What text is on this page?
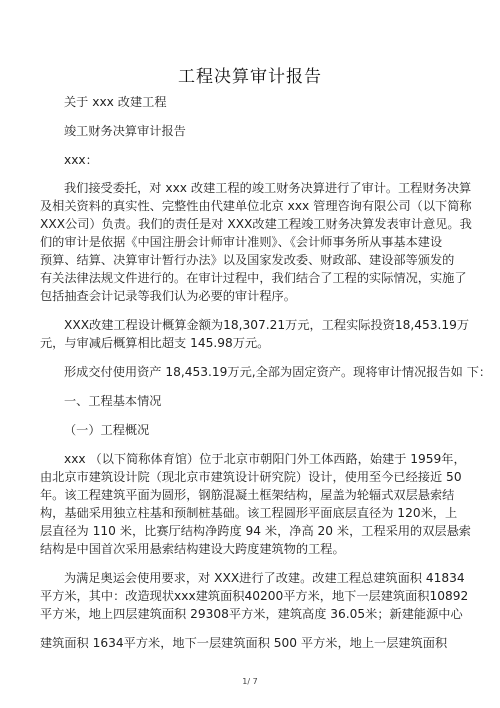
工程决算审计报告
关于 xxx 改建工程
竣工财务决算审计报告
xxx：
我们接受委托，对 xxx 改建工程的竣工财务决算进行了审计。工程财务决算
及相关资料的真实性、完整性由代建单位北京 xxx 管理咨询有限公司（以下简称
XXX公司）负责。我们的责任是对 XXX改建工程竣工财务决算发表审计意见。我
们的审计是依据《中国注册会计师审计准则》、《会计师事务所从事基本建设
预算、结算、决算审计暂行办法》以及国家发改委、财政部、建设部等颁发的
有关法律法规文件进行的。在审计过程中，我们结合了工程的实际情况，实施了
包括抽查会计记录等我们认为必要的审计程序。
XXX改建工程设计概算金额为18,307.21万元，工程实际投资18,453.19万
元，与审减后概算相比超支 145.98万元。
形成交付使用资产 18,453.19万元,全部为固定资产。现将审计情况报告如 下：
一、工程基本情况
（一）工程概况
xxx （以下简称体育馆）位于北京市朝阳门外工体西路，始建于 1959年，
由北京市建筑设计院（现北京市建筑设计研究院）设计，使用至今已经接近 50
年。该工程建筑平面为圆形，钢筋混凝土框架结构，屋盖为轮辐式双层悬索结
构，基础采用独立柱基和预制桩基础。该工程圆形平面底层直径为 120米，上
层直径为 110 米，比赛厅结构净跨度 94 米，净高 20 米，工程采用的双层悬索
结构是中国首次采用悬索结构建设大跨度建筑物的工程。
为满足奥运会使用要求，对 XXX进行了改建。改建工程总建筑面积 41834
平方米，其中：改造现状xxx建筑面积40200平方米，地下一层建筑面积10892
平方米，地上四层建筑面积 29308平方米，建筑高度 36.05米；新建能源中心
建筑面积 1634平方米，地下一层建筑面积 500 平方米，地上一层建筑面积
1/ 7
